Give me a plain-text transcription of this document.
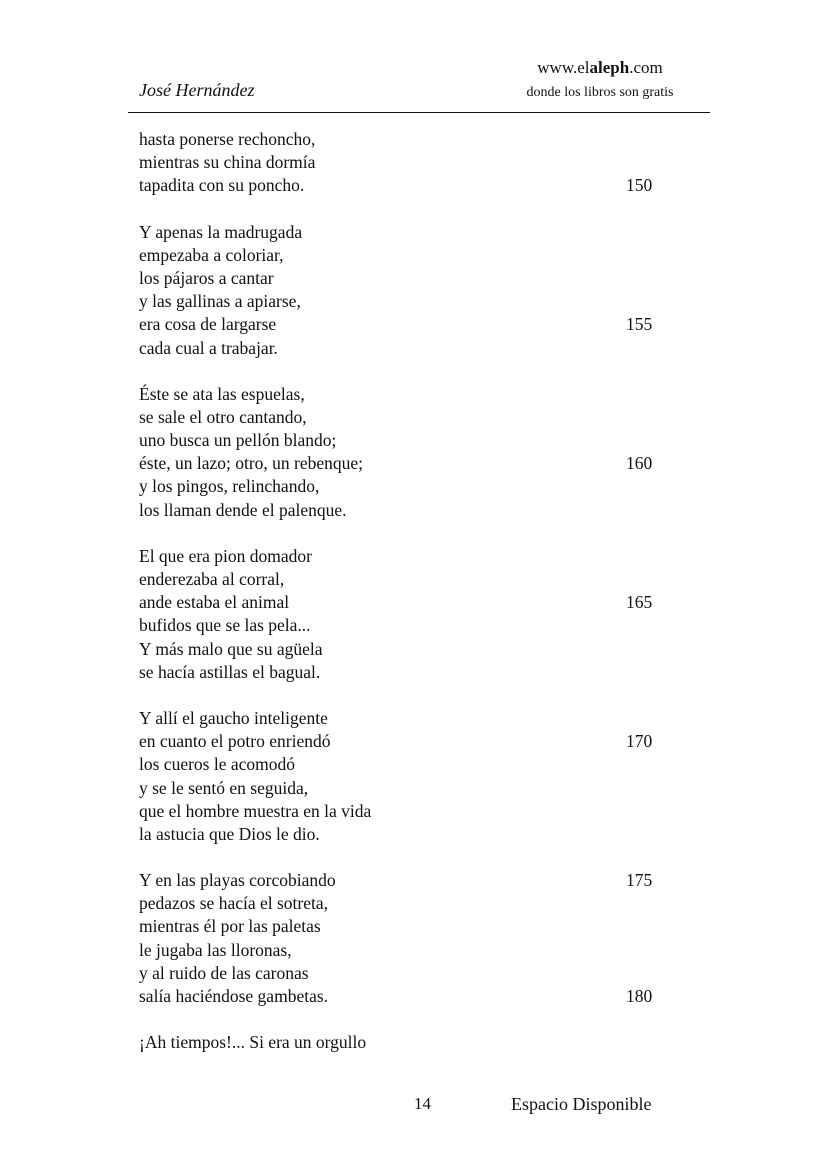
José Hernández
www.elaleph.com
donde los libros son gratis
hasta ponerse rechoncho,
mientras su china dormía
tapadita con su poncho.	150
Y apenas la madrugada
empezaba a coloriar,
los pájaros a cantar
y las gallinas a apiarse,
era cosa de largarse	155
cada cual a trabajar.
Éste se ata las espuelas,
se sale el otro cantando,
uno busca un pellón blando;
éste, un lazo; otro, un rebenque;	160
y los pingos, relinchando,
los llaman dende el palenque.
El que era pion domador
enderezaba al corral,
ande estaba el animal	165
bufidos que se las pela...
Y más malo que su agüela
se hacía astillas el bagual.
Y allí el gaucho inteligente
en cuanto el potro enriendó	170
los cueros le acomodó
y se le sentó en seguida,
que el hombre muestra en la vida
la astucia que Dios le dio.
Y en las playas corcobiando	175
pedazos se hacía el sotreta,
mientras él por las paletas
le jugaba las lloronas,
y al ruido de las caronas
salía haciéndose gambetas.	180
¡Ah tiempos!... Si era un orgullo
14	Espacio Disponible
